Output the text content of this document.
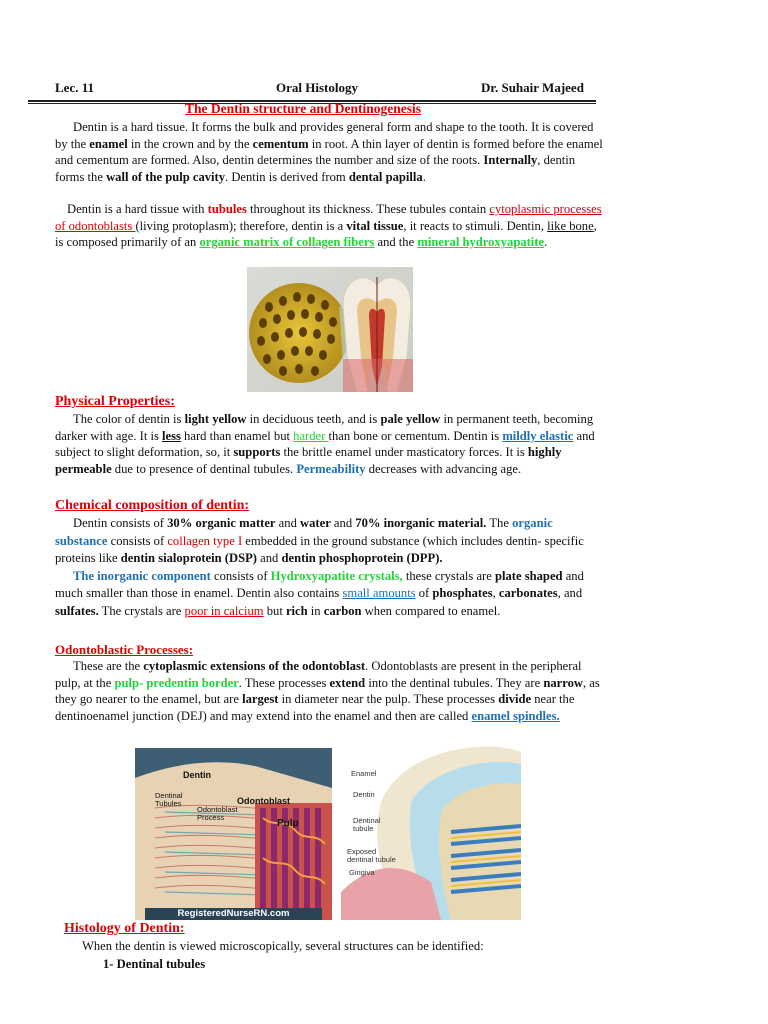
Lec. 11	Oral Histology	Dr. Suhair Majeed
The Dentin structure and Dentinogenesis
Dentin is a hard tissue. It forms the bulk and provides general form and shape to the tooth. It is covered by the enamel in the crown and by the cementum in root. A thin layer of dentin is formed before the enamel and cementum are formed. Also, dentin determines the number and size of the roots. Internally, dentin forms the wall of the pulp cavity. Dentin is derived from dental papilla.
Dentin is a hard tissue with tubules throughout its thickness. These tubules contain cytoplasmic processes of odontoblasts (living protoplasm); therefore, dentin is a vital tissue, it reacts to stimuli. Dentin, like bone, is composed primarily of an organic matrix of collagen fibers and the mineral hydroxyapatite.
Physical Properties:
The color of dentin is light yellow in deciduous teeth, and is pale yellow in permanent teeth, becoming darker with age. It is less hard than enamel but harder than bone or cementum. Dentin is mildly elastic and subject to slight deformation, so, it supports the brittle enamel under masticatory forces. It is highly permeable due to presence of dentinal tubules. Permeability decreases with advancing age.
Chemical composition of dentin:
Dentin consists of 30% organic matter and water and 70% inorganic material. The organic substance consists of collagen type I embedded in the ground substance (which includes dentin- specific proteins like dentin sialoprotein (DSP) and dentin phosphoprotein (DPP).
The inorganic component consists of Hydroxyapatite crystals, these crystals are plate shaped and much smaller than those in enamel. Dentin also contains small amounts of phosphates, carbonates, and sulfates. The crystals are poor in calcium but rich in carbon when compared to enamel.
Odontoblastic Processes:
These are the cytoplasmic extensions of the odontoblast. Odontoblasts are present in the peripheral pulp, at the pulp- predentin border. These processes extend into the dentinal tubules. They are narrow, as they go nearer to the enamel, but are largest in diameter near the pulp. These processes divide near the dentinoenamel junction (DEJ) and may extend into the enamel and then are called enamel spindles.
Dentin
Dentinal Tubules
Odontoblast Process
Odontoblast
Pulp
RegisteredNurseRN.com
Enamel
Dentin
Dentinal tubule
Exposed dentinal tubule
Gingiva
Histology of Dentin:
When the dentin is viewed microscopically, several structures can be identified:
1- Dentinal tubules
